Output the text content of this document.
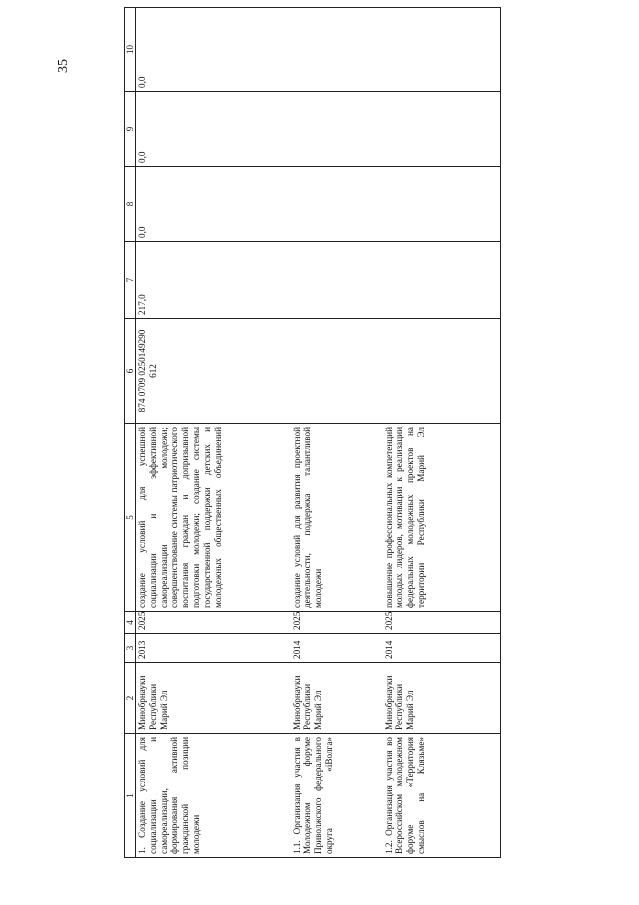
35
1	2	3	4	5	6	7	8	9	10
1. Создание условий для социализации и самореализации, формирования активной гражданской позиции молодежи	Минобрнауки Республики Марий Эл	2013	2025	создание условий для успешной социализации и эффективной самореализации молодежи; совершенствование системы патриотического воспитания граждан и допризывной подготовки молодежи; создание системы государственной поддержки детских и молодежных общественных объединений	874 0709 0250149290 612	217,0	0,0	0,0	0,0
1.1. Организация участия в Молодежном форуме Приволжского федерального округа «iВолга»	Минобрнауки Республики Марий Эл	2014	2025	создание условий для развития проектной деятельности, поддержка талантливой молодежи					
1.2. Организация участия во Всероссийском молодежном форуме «Территория смыслов на Клязьме»	Минобрнауки Республики Марий Эл	2014	2025	повышение профессиональных компетенций молодых лидеров, мотивации к реализации федеральных молодежных проектов на территории Республики Марий Эл					
